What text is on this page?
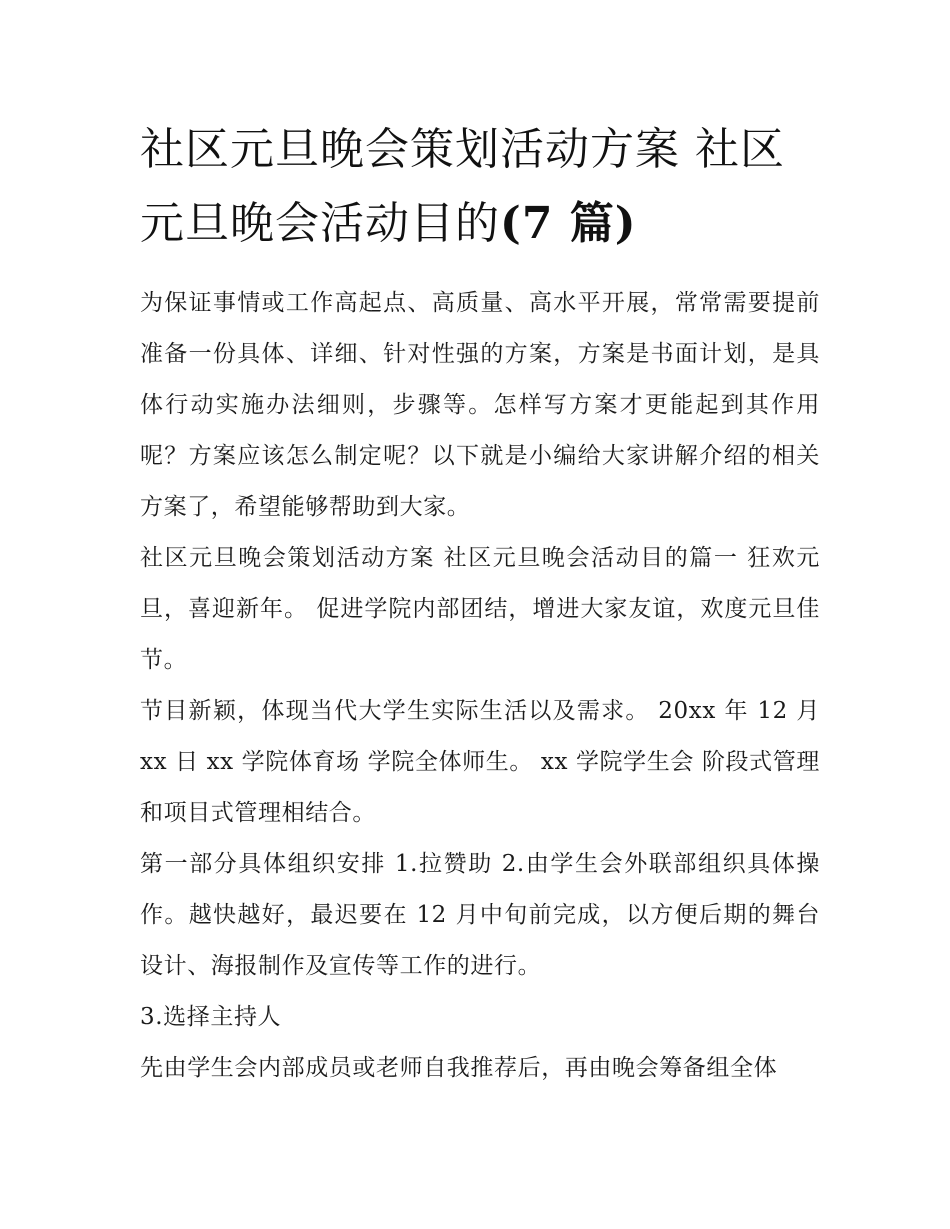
社区元旦晚会策划活动方案 社区元旦晚会活动目的(7 篇)

为保证事情或工作高起点、高质量、高水平开展，常常需要提前准备一份具体、详细、针对性强的方案，方案是书面计划，是具体行动实施办法细则，步骤等。怎样写方案才更能起到其作用呢？方案应该怎么制定呢？以下就是小编给大家讲解介绍的相关方案了，希望能够帮助到大家。

社区元旦晚会策划活动方案 社区元旦晚会活动目的篇一 狂欢元旦，喜迎新年。 促进学院内部团结，增进大家友谊，欢度元旦佳节。

节目新颖，体现当代大学生实际生活以及需求。 20xx 年 12 月 xx 日 xx 学院体育场 学院全体师生。 xx 学院学生会 阶段式管理和项目式管理相结合。

第一部分具体组织安排 1.拉赞助 2.由学生会外联部组织具体操作。越快越好，最迟要在 12 月中旬前完成，以方便后期的舞台设计、海报制作及宣传等工作的进行。

3.选择主持人

先由学生会内部成员或老师自我推荐后，再由晚会筹备组全体
